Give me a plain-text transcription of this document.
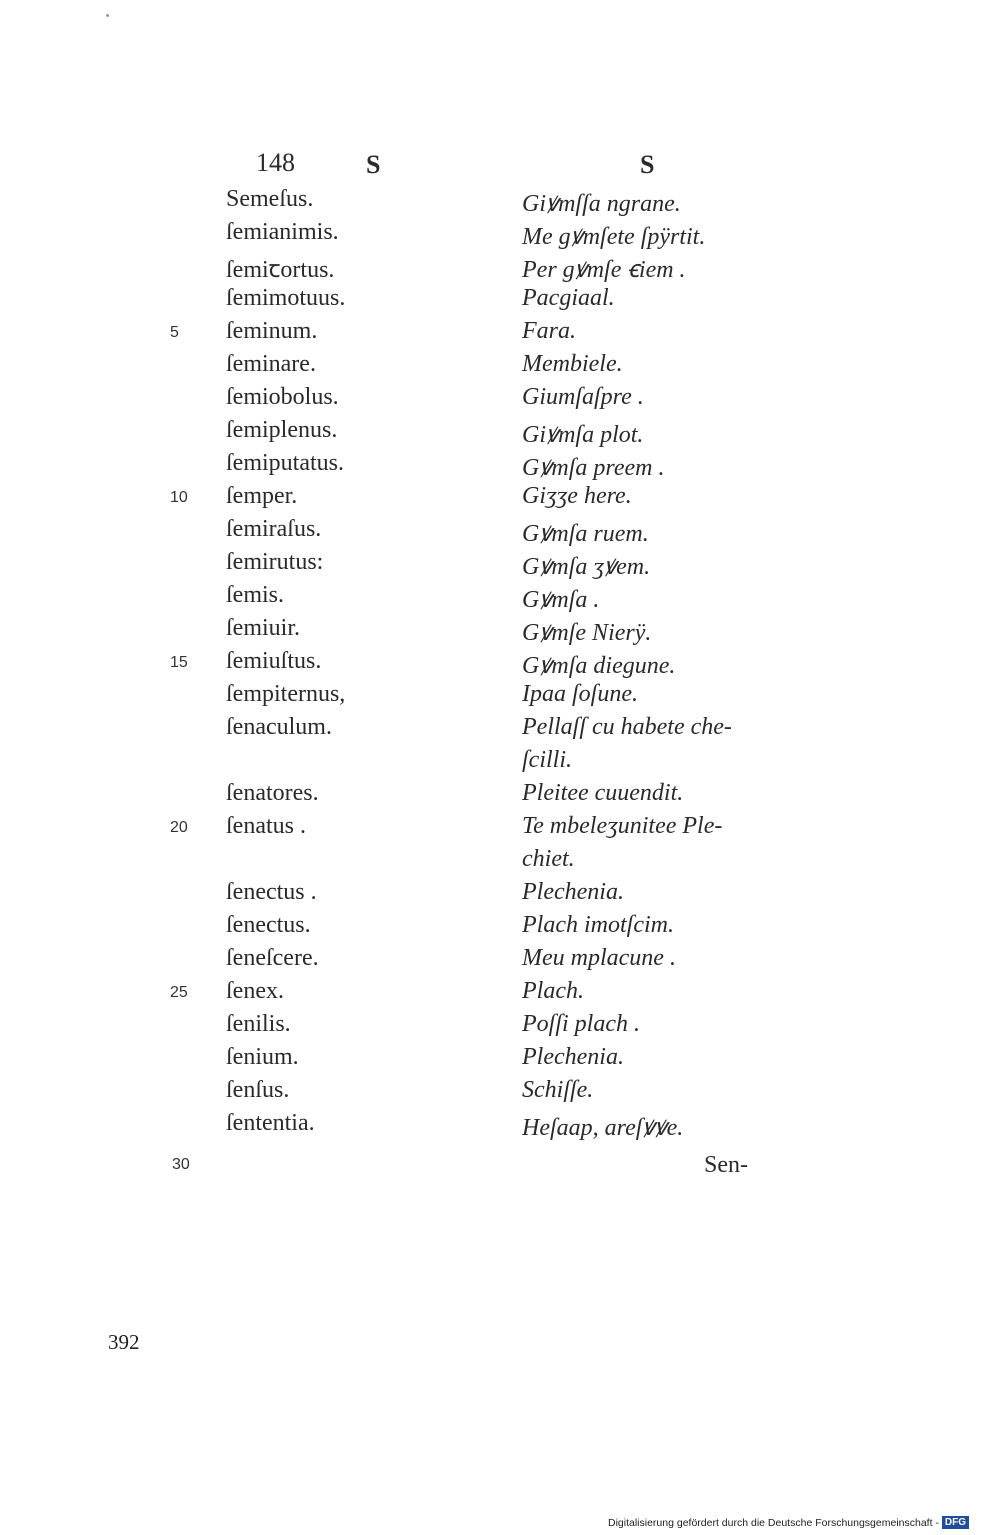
148	S	S
Semeſus.	Giꝟmſſa ngrane.
ſemianimis.	Me gꝟmſete ſpÿrtit.
ſemiꞇortus.	Per gꝟmſe ꞓiem .
ſemimotuus.	Pacgiaal.
5 ſeminum.	Fara.
ſeminare.	Membiele.
ſemiobolus.	Giumſaſpre .
ſemiplenus.	Giꝟmſa plot.
ſemiputatus.	Gꝟmſa preem .
10 ſemper.	Giʒʒe here.
ſemiraſus.	Gꝟmſa ruem.
ſemirutus:	Gꝟmſa ʒꝟem.
ſemis.	Gꝟmſa .
ſemiuir.	Gꝟmſe Nierÿ.
15 ſemiuſtus.	Gꝟmſa diegune.
ſempiternus,	Ipaa ſoſune.
ſenaculum.	Pellaſſ cu habete che-
ſcilli.
ſenatores.	Pleitee cuuendit.
20 ſenatus .	Te mbeleʒunitee Ple-
chiet.
ſenectus .	Plechenia.
ſenectus.	Plach imotſcim.
ſeneſcere.	Meu mplacune .
25 ſenex.	Plach.
ſenilis.	Poſſi plach .
ſenium.	Plechenia.
ſenſus.	Schiſſe.
ſententia.	Heſaap, areſꝟꝟe.
30	Sen-
392
Digitalisierung gefördert durch die Deutsche Forschungsgemeinschaft - DFG
